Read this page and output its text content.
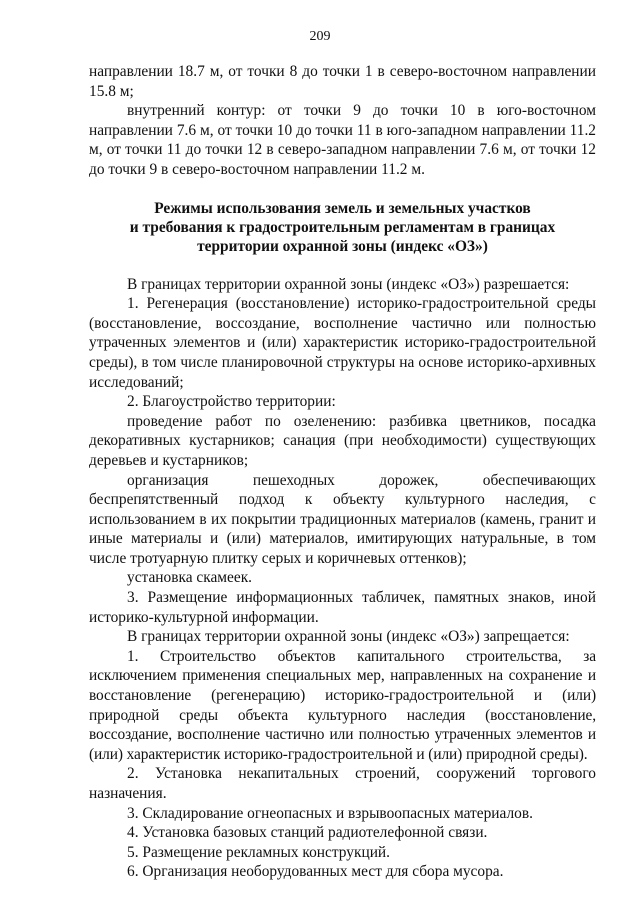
209

направлении 18.7 м, от точки 8 до точки 1 в северо-восточном направлении 15.8 м;

внутренний контур: от точки 9 до точки 10 в юго-восточном направлении 7.6 м, от точки 10 до точки 11 в юго-западном направлении 11.2 м, от точки 11 до точки 12 в северо-западном направлении 7.6 м, от точки 12 до точки 9 в северо-восточном направлении 11.2 м.

Режимы использования земель и земельных участков
и требования к градостроительным регламентам в границах
территории охранной зоны (индекс «ОЗ»)

В границах территории охранной зоны (индекс «ОЗ») разрешается:

1. Регенерация (восстановление) историко-градостроительной среды (восстановление, воссоздание, восполнение частично или полностью утраченных элементов и (или) характеристик историко-градостроительной среды), в том числе планировочной структуры на основе историко-архивных исследований;

2. Благоустройство территории:

проведение работ по озеленению: разбивка цветников, посадка декоративных кустарников; санация (при необходимости) существующих деревьев и кустарников;

организация пешеходных дорожек, обеспечивающих беспрепятственный подход к объекту культурного наследия, с использованием в их покрытии традиционных материалов (камень, гранит и иные материалы и (или) материалов, имитирующих натуральные, в том числе тротуарную плитку серых и коричневых оттенков);

установка скамеек.

3. Размещение информационных табличек, памятных знаков, иной историко-культурной информации.

В границах территории охранной зоны (индекс «ОЗ») запрещается:

1. Строительство объектов капитального строительства, за исключением применения специальных мер, направленных на сохранение и восстановление (регенерацию) историко-градостроительной и (или) природной среды объекта культурного наследия (восстановление, воссоздание, восполнение частично или полностью утраченных элементов и (или) характеристик историко-градостроительной и (или) природной среды).

2. Установка некапитальных строений, сооружений торгового назначения.

3. Складирование огнеопасных и взрывоопасных материалов.

4. Установка базовых станций радиотелефонной связи.

5. Размещение рекламных конструкций.

6. Организация необорудованных мест для сбора мусора.
